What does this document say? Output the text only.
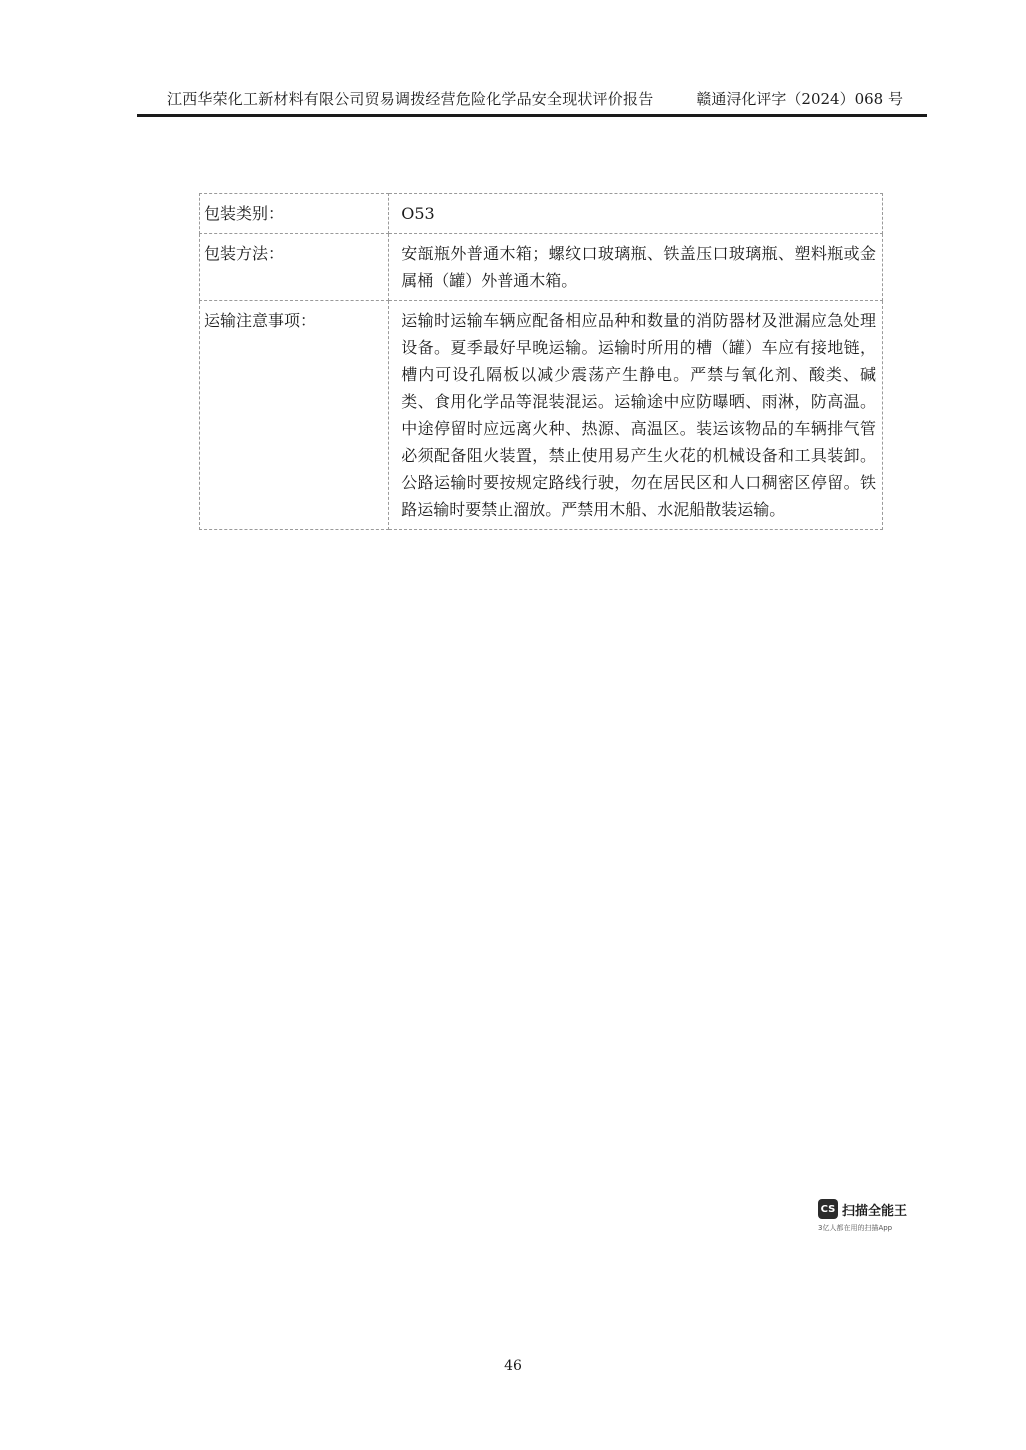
江西华荣化工新材料有限公司贸易调拨经营危险化学品安全现状评价报告	赣通浔化评字（2024）068 号
包装类别：	O53
包装方法：	安瓿瓶外普通木箱；螺纹口玻璃瓶、铁盖压口玻璃瓶、塑料瓶或金属桶（罐）外普通木箱。
运输注意事项：	运输时运输车辆应配备相应品种和数量的消防器材及泄漏应急处理设备。夏季最好早晚运输。运输时所用的槽（罐）车应有接地链，槽内可设孔隔板以减少震荡产生静电。严禁与氧化剂、酸类、碱类、食用化学品等混装混运。运输途中应防曝晒、雨淋，防高温。中途停留时应远离火种、热源、高温区。装运该物品的车辆排气管必须配备阻火装置，禁止使用易产生火花的机械设备和工具装卸。公路运输时要按规定路线行驶，勿在居民区和人口稠密区停留。铁路运输时要禁止溜放。严禁用木船、水泥船散装运输。
CS 扫描全能王
3亿人都在用的扫描App
46
